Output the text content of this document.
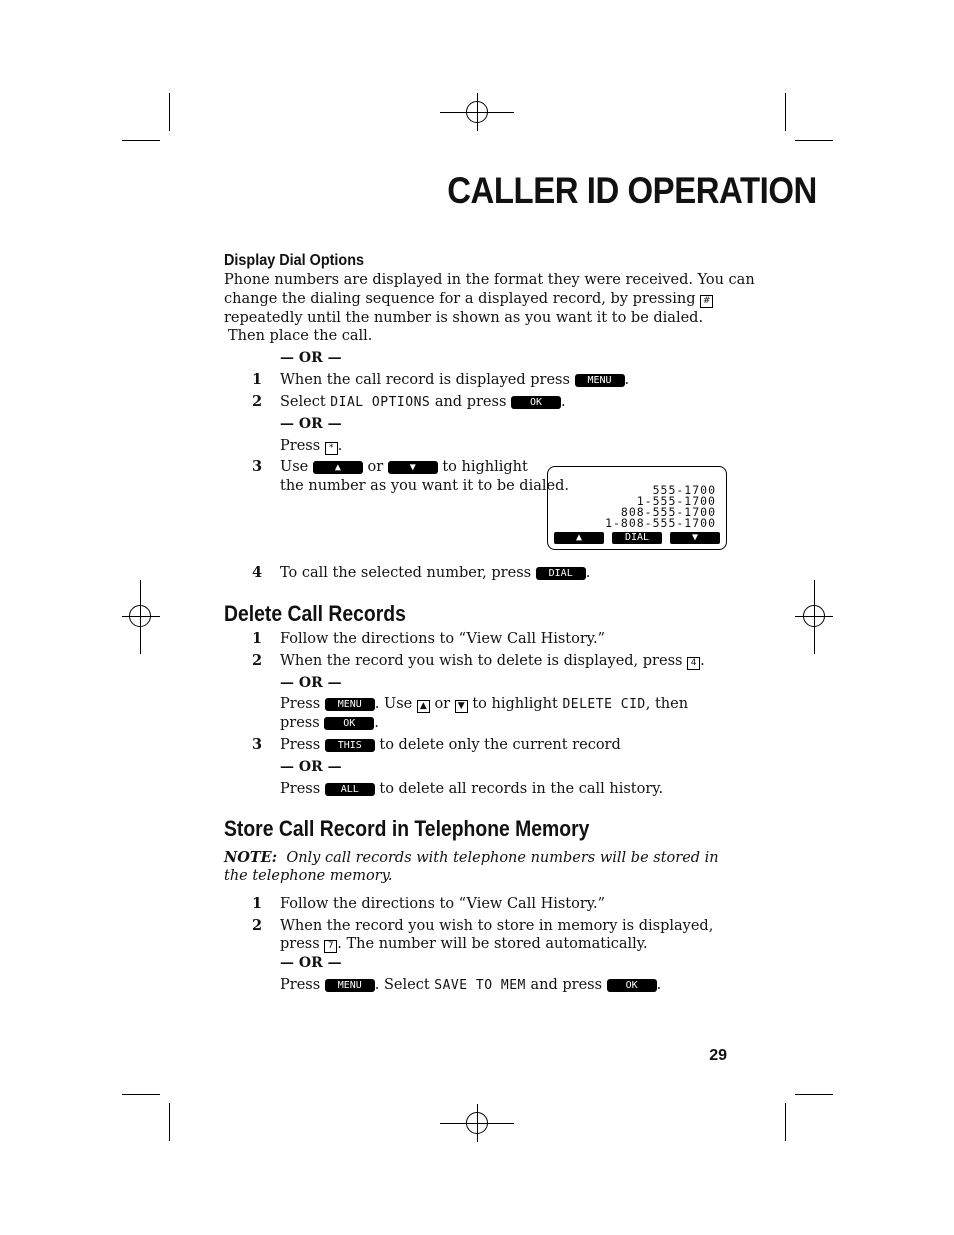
CALLER ID OPERATION
Display Dial Options
Phone numbers are displayed in the format they were received. You can
change the dialing sequence for a displayed record, by pressing #
repeatedly until the number is shown as you want it to be dialed.
Then place the call.
— OR —
1 When the call record is displayed press MENU .
2 Select DIAL OPTIONS and press OK .
— OR —
Press * .
3 Use	▲ or	▼ to highlight
the number as you want it to be dialed.	555-1700
1-555-1700
808-555-1700
1-808-555-1700
▲	DIAL	▼
4 To call the selected number, press DIAL .
Delete Call Records
1 Follow the directions to “View Call History.”
2 When the record you wish to delete is displayed, press 4 .
— OR —
Press MENU . Use ▲ or ▼ to highlight DELETE CID, then
press OK .
3 Press THIS to delete only the current record
— OR —
Press ALL to delete all records in the call history.
Store Call Record in Telephone Memory
NOTE: Only call records with telephone numbers will be stored in
the telephone memory.
1 Follow the directions to “View Call History.”
2 When the record you wish to store in memory is displayed,
press 7 . The number will be stored automatically.
— OR —
Press MENU . Select SAVE TO MEM and press OK .
29
